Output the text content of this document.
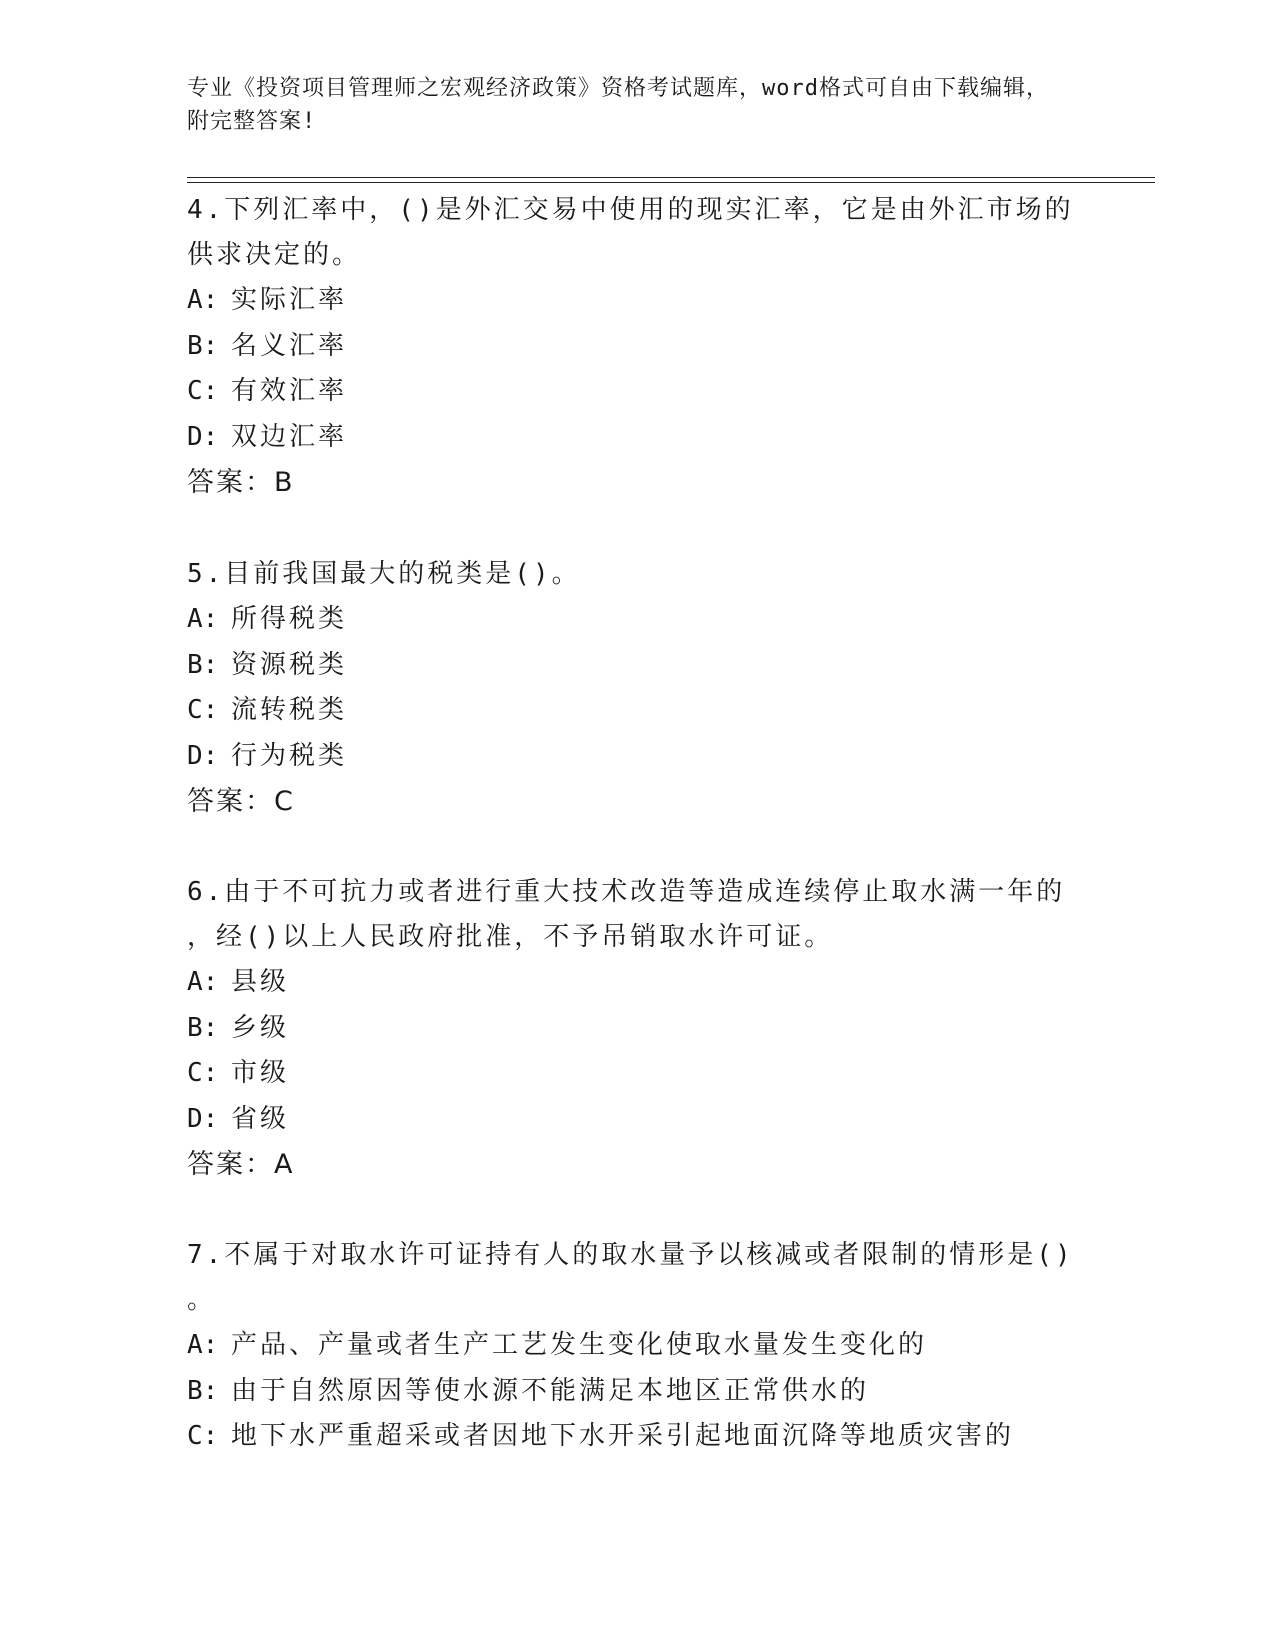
专业《投资项目管理师之宏观经济政策》资格考试题库，word格式可自由下载编辑，附完整答案!
4.下列汇率中，()是外汇交易中使用的现实汇率，它是由外汇市场的
供求决定的。
A: 实际汇率
B: 名义汇率
C: 有效汇率
D: 双边汇率
答案：B
5.目前我国最大的税类是()。
A: 所得税类
B: 资源税类
C: 流转税类
D: 行为税类
答案：C
6.由于不可抗力或者进行重大技术改造等造成连续停止取水满一年的
，经()以上人民政府批准，不予吊销取水许可证。
A: 县级
B: 乡级
C: 市级
D: 省级
答案：A
7.不属于对取水许可证持有人的取水量予以核减或者限制的情形是()
。
A: 产品、产量或者生产工艺发生变化使取水量发生变化的
B: 由于自然原因等使水源不能满足本地区正常供水的
C: 地下水严重超采或者因地下水开采引起地面沉降等地质灾害的
